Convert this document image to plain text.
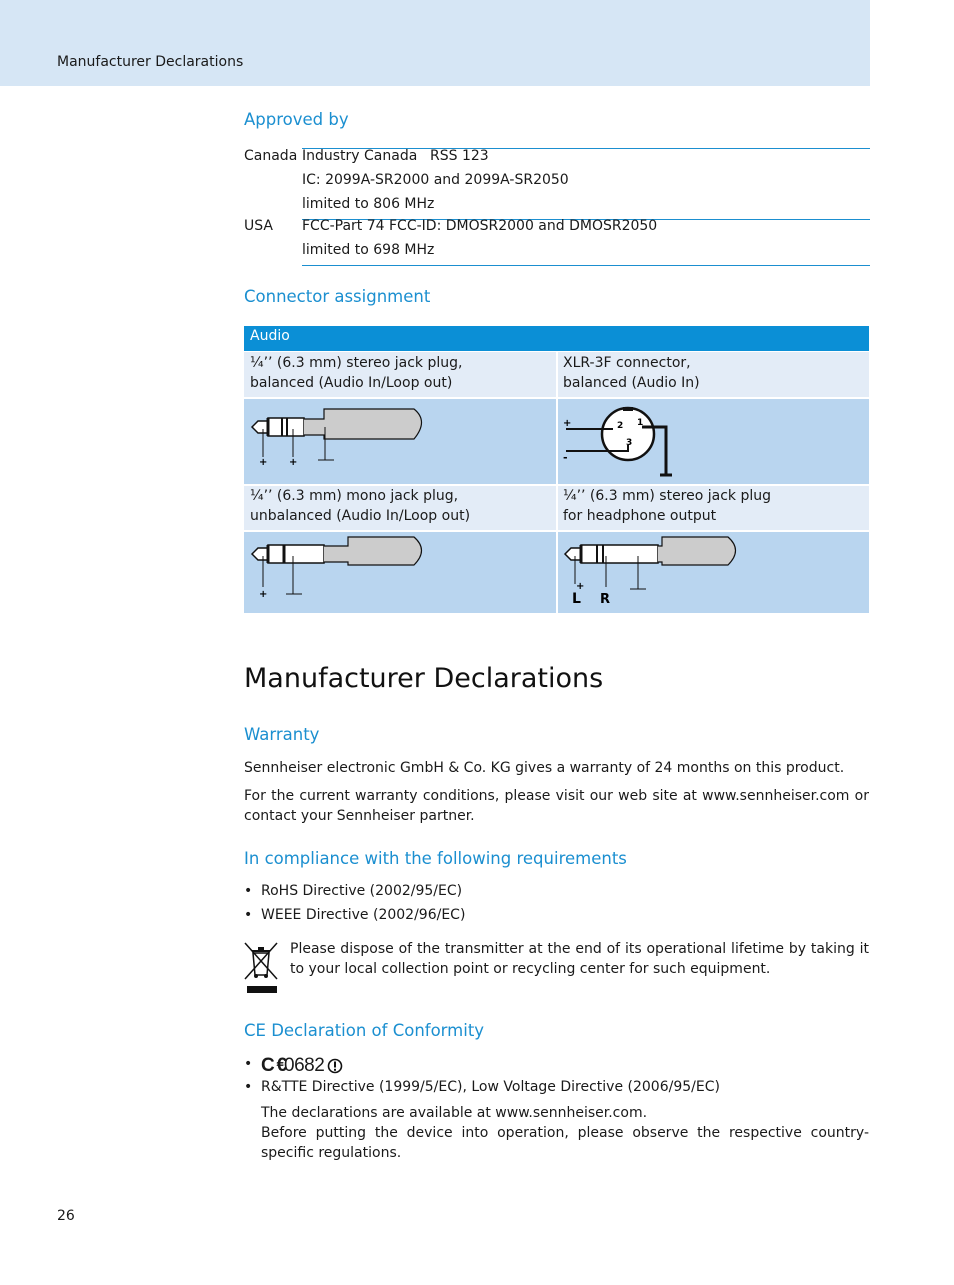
Manufacturer Declarations
Approved by
Canada Industry Canada RSS 123
IC: 2099A-SR2000 and 2099A-SR2050
limited to 806 MHz
USA FCC-Part 74 FCC-ID: DMOSR2000 and DMOSR2050
limited to 698 MHz
Connector assignment
Audio
¼’’ (6.3 mm) stereo jack plug,
balanced (Audio In/Loop out)
XLR-3F connector,
balanced (Audio In)
+ +
2 1
3
+
-
¼’’ (6.3 mm) mono jack plug,
unbalanced (Audio In/Loop out)
¼’’ (6.3 mm) stereo jack plug
for headphone output
+
+
L R
Manufacturer Declarations
Warranty
Sennheiser electronic GmbH & Co. KG gives a warranty of 24 months on this product.
For the current warranty conditions, please visit our web site at www.sennheiser.com or contact your Sennheiser partner.
In compliance with the following requirements
• RoHS Directive (2002/95/EC)
• WEEE Directive (2002/96/EC)
Please dispose of the transmitter at the end of its operational lifetime by taking it to your local collection point or recycling center for such equipment.
CE Declaration of Conformity
• C €
0682
• R&TTE Directive (1999/5/EC), Low Voltage Directive (2006/95/EC)
The declarations are available at www.sennheiser.com.
Before putting the device into operation, please observe the respective country-specific regulations.
26
